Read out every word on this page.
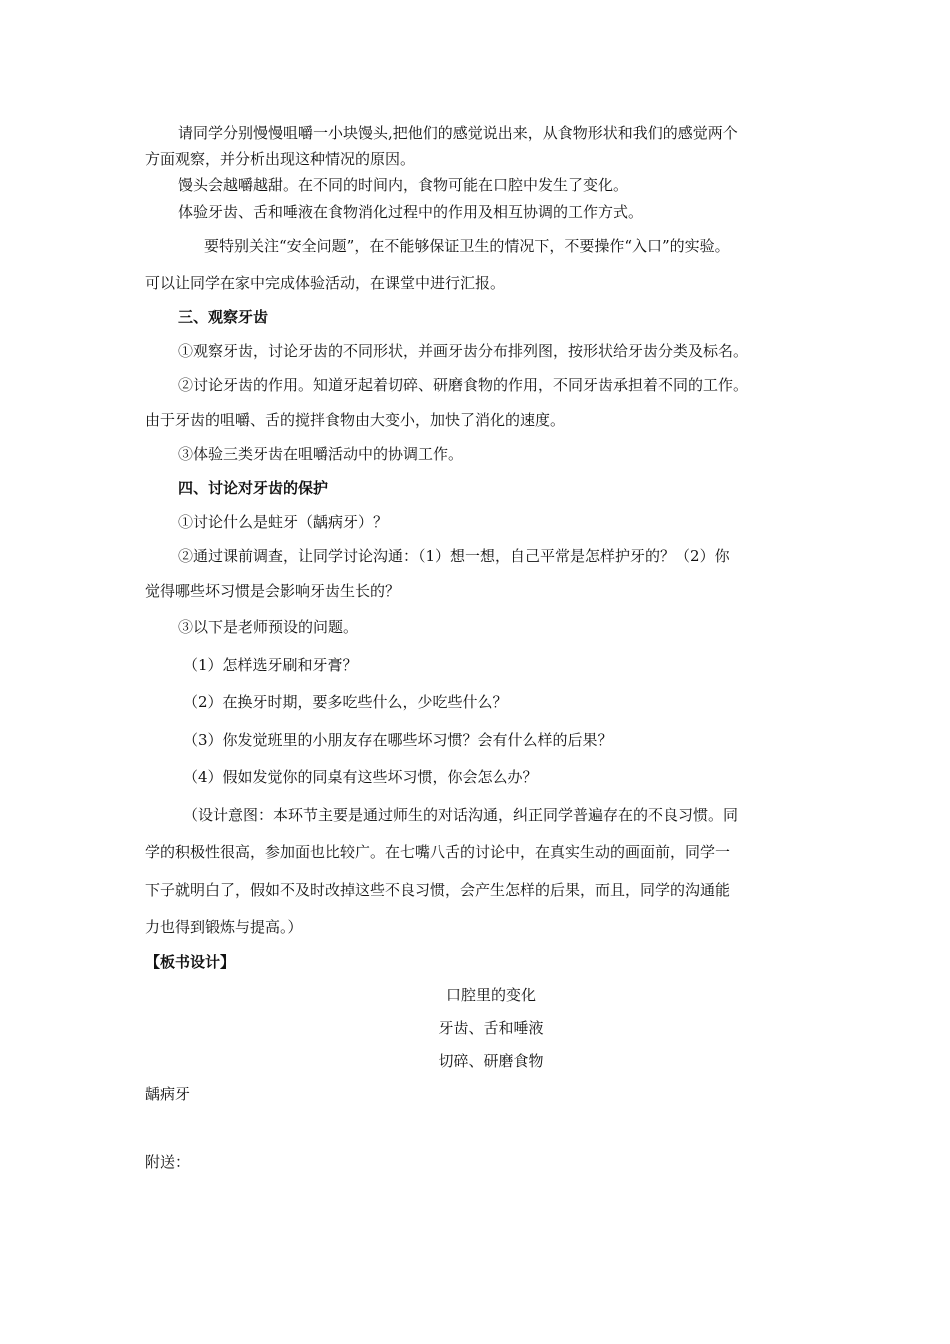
请同学分别慢慢咀嚼一小块馒头,把他们的感觉说出来，从食物形状和我们的感觉两个

方面观察，并分析出现这种情况的原因。

馒头会越嚼越甜。在不同的时间内，食物可能在口腔中发生了变化。

体验牙齿、舌和唾液在食物消化过程中的作用及相互协调的工作方式。

要特别关注“安全问题”，在不能够保证卫生的情况下，不要操作“入口”的实验。

可以让同学在家中完成体验活动，在课堂中进行汇报。

三、观察牙齿

①观察牙齿，讨论牙齿的不同形状，并画牙齿分布排列图，按形状给牙齿分类及标名。

②讨论牙齿的作用。知道牙起着切碎、研磨食物的作用，不同牙齿承担着不同的工作。

由于牙齿的咀嚼、舌的搅拌食物由大变小，加快了消化的速度。

③体验三类牙齿在咀嚼活动中的协调工作。

四、讨论对牙齿的保护

①讨论什么是蛀牙（龋病牙）？

②通过课前调查，让同学讨论沟通：（1）想一想，自己平常是怎样护牙的？（2）你

觉得哪些坏习惯是会影响牙齿生长的？

③以下是老师预设的问题。

（1）怎样选牙刷和牙膏？

（2）在换牙时期，要多吃些什么，少吃些什么？

（3）你发觉班里的小朋友存在哪些坏习惯？会有什么样的后果？

（4）假如发觉你的同桌有这些坏习惯，你会怎么办？

（设计意图：本环节主要是通过师生的对话沟通，纠正同学普遍存在的不良习惯。同

学的积极性很高，参加面也比较广。在七嘴八舌的讨论中，在真实生动的画面前，同学一

下子就明白了，假如不及时改掉这些不良习惯，会产生怎样的后果，而且，同学的沟通能

力也得到锻炼与提高。）

【板书设计】

口腔里的变化

牙齿、舌和唾液

切碎、研磨食物

龋病牙

附送：
